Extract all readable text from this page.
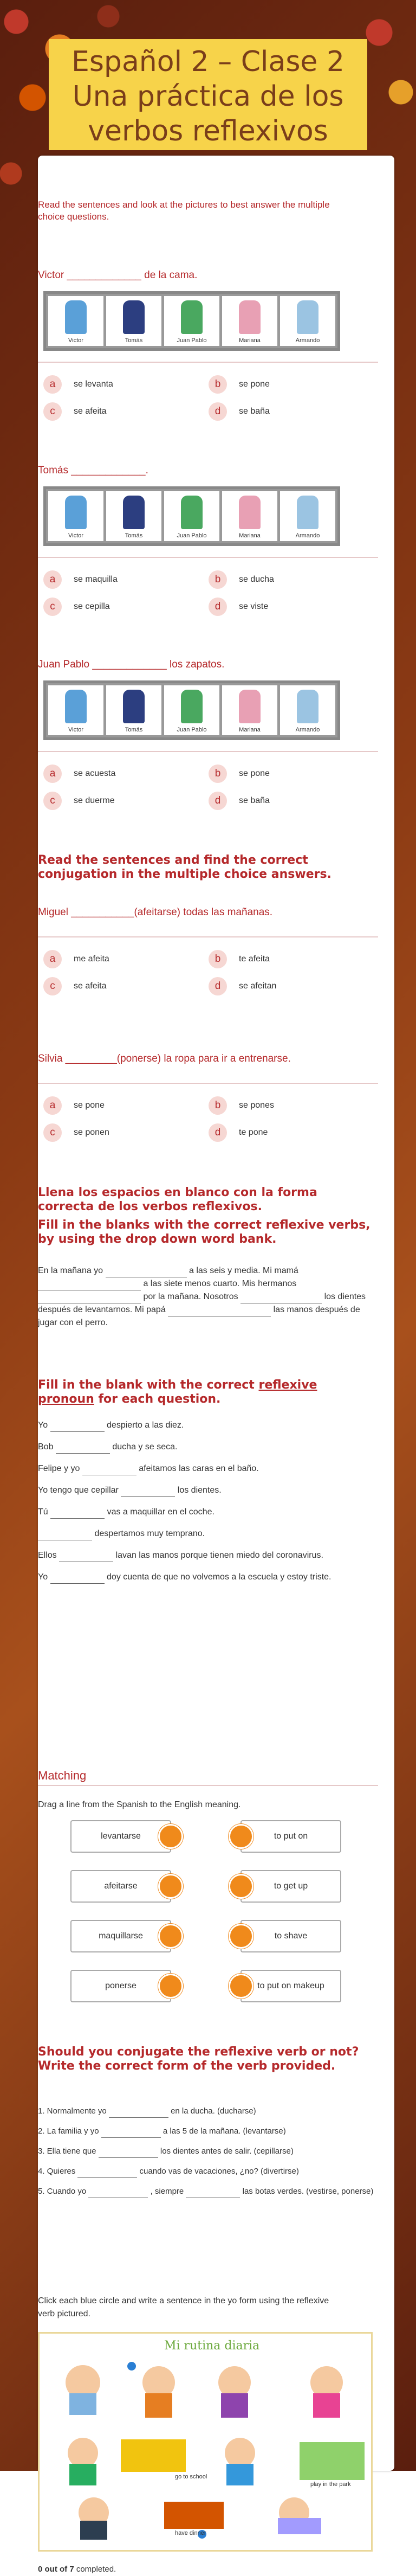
Español 2 – Clase 2
Una práctica de los
verbos reflexivos
Read the sentences and look at the pictures to best answer the multiple choice questions.
Victor _____________ de la cama.
Victor	Tomás	Juan Pablo	Mariana	Armando
a	se levanta	b	se pone
c	se afeita	d	se baña
Tomás _____________.
Victor	Tomás	Juan Pablo	Mariana	Armando
a	se maquilla	b	se ducha
c	se cepilla	d	se viste
Juan Pablo _____________ los zapatos.
Victor	Tomás	Juan Pablo	Mariana	Armando
a	se acuesta	b	se pone
c	se duerme	d	se baña
Read the sentences and find the correct conjugation in the multiple choice answers.
Miguel ___________(afeitarse) todas las mañanas.
a	me afeita	b	te afeita
c	se afeita	d	se afeitan
Silvia _________(ponerse) la ropa para ir a entrenarse.
a	se pone	b	se pones
c	se ponen	d	te pone
Llena los espacios en blanco con la forma correcta de los verbos reflexivos.
Fill in the blanks with the correct reflexive verbs, by using the drop down word bank.
En la mañana yo	a las seis y media. Mi mamá  a las siete menos cuarto. Mis hermanos  por la mañana. Nosotros	los dientes después de levantarnos. Mi papá	las manos después de jugar con el perro.
Fill in the blank with the correct reflexive pronoun for each question.
Yo	despierto a las diez.
Bob	ducha y se seca.
Felipe y yo	afeitamos las caras en el baño.
Yo tengo que cepillar	los dientes.
Tú	vas a maquillar en el coche.
despertamos muy temprano.
Ellos	lavan las manos porque tienen miedo del coronavirus.
Yo	doy cuenta de que no volvemos a la escuela y estoy triste.
Matching
Drag a line from the Spanish to the English meaning.
levantarse	to put on
afeitarse	to get up
maquillarse	to shave
ponerse	to put on makeup
Should you conjugate the reflexive verb or not? Write the correct form of the verb provided.
1. Normalmente yo	en la ducha. (ducharse)
2. La familia y yo	a las 5 de la mañana. (levantarse)
3. Ella tiene que	los dientes antes de salir. (cepillarse)
4. Quieres	cuando vas de vacaciones, ¿no? (divertirse)
5. Cuando yo	, siempre	las botas verdes. (vestirse, ponerse)
Click each blue circle and write a sentence in the yo form using the reflexive verb pictured.
Mi rutina diaria
go to school
play in the park
have dinner
0 out of 7 completed.
